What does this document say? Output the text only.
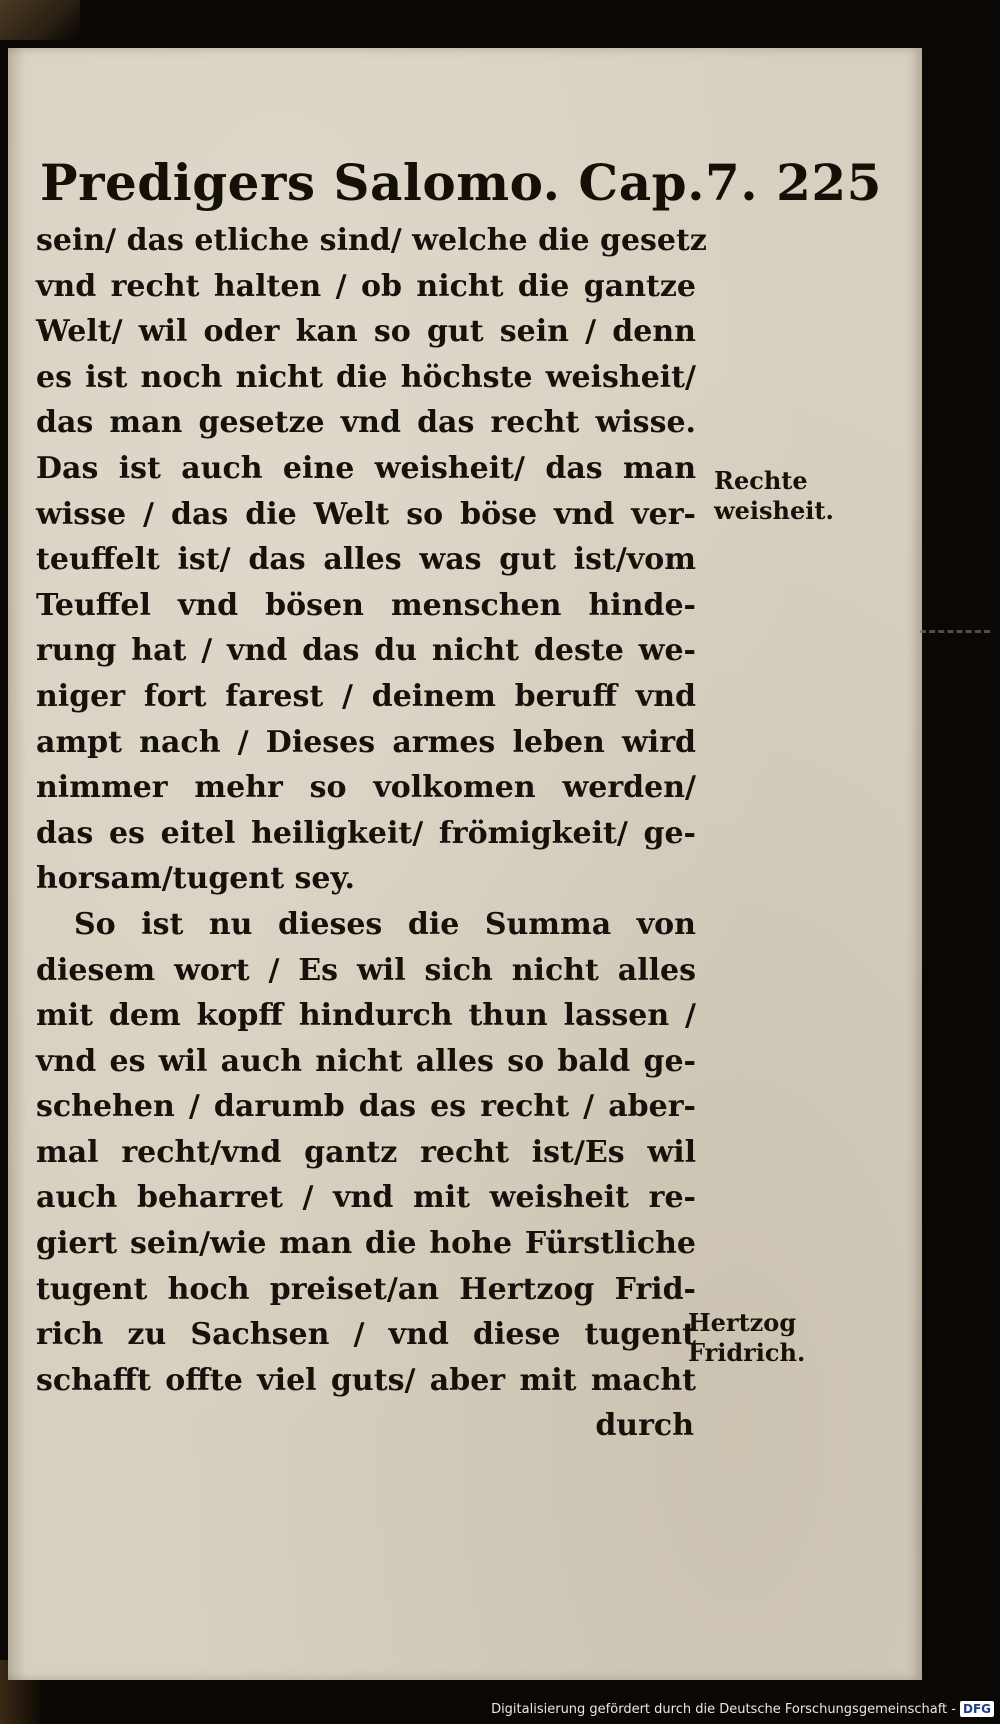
Predigers Salomo. Cap.7. 225
sein/ das etliche sind/ welche die gesetz
vnd recht halten / ob nicht die gantze
Welt/ wil oder kan so gut sein / denn
es ist noch nicht die höchste weisheit/
das man gesetze vnd das recht wisse.
Das ist auch eine weisheit/ das man
wisse / das die Welt so böse vnd ver-
teuffelt ist/ das alles was gut ist/vom
Teuffel vnd bösen menschen hinde-
rung hat / vnd das du nicht deste we-
niger fort farest / deinem beruff vnd
ampt nach / Dieses armes leben wird
nimmer mehr so volkomen werden/
das es eitel heiligkeit/ frömigkeit/ ge-
horsam/tugent sey.
So ist nu dieses die Summa von
diesem wort / Es wil sich nicht alles
mit dem kopff hindurch thun lassen /
vnd es wil auch nicht alles so bald ge-
schehen / darumb das es recht / aber-
mal recht/vnd gantz recht ist/Es wil
auch beharret / vnd mit weisheit re-
giert sein/wie man die hohe Fürstliche
tugent hoch preiset/an Hertzog Frid-
rich zu Sachsen / vnd diese tugent
schafft offte viel guts/ aber mit macht
durch
Rechte weisheit.
Hertzog Fridrich.
Digitalisierung gefördert durch die Deutsche Forschungsgemeinschaft - DFG
